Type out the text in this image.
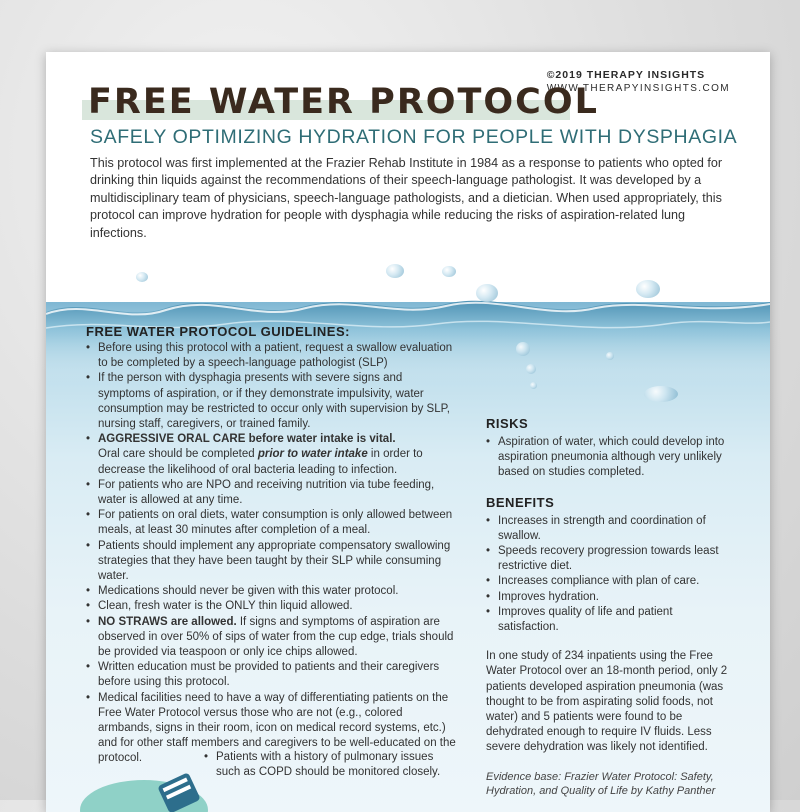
©2019 THERAPY INSIGHTS
WWW.THERAPYINSIGHTS.COM
FREE WATER PROTOCOL
SAFELY OPTIMIZING HYDRATION FOR PEOPLE WITH DYSPHAGIA

This protocol was first implemented at the Frazier Rehab Institute in 1984 as a response to patients who opted for drinking thin liquids against the recommendations of their speech-language pathologist. It was developed by a multidisciplinary team of physicians, speech-language pathologists, and a dietician. When used appropriately, this protocol can improve hydration for people with dysphagia while reducing the risks of aspiration-related lung infections.

FREE WATER PROTOCOL GUIDELINES:
• Before using this protocol with a patient, request a swallow evaluation to be completed by a speech-language pathologist (SLP)
• If the person with dysphagia presents with severe signs and symptoms of aspiration, or if they demonstrate impulsivity, water consumption may be restricted to occur only with supervision by SLP, nursing staff, caregivers, or trained family.
• AGGRESSIVE ORAL CARE before water intake is vital.
Oral care should be completed prior to water intake in order to decrease the likelihood of oral bacteria leading to infection.
• For patients who are NPO and receiving nutrition via tube feeding, water is allowed at any time.
• For patients on oral diets, water consumption is only allowed between meals, at least 30 minutes after completion of a meal.
• Patients should implement any appropriate compensatory swallowing strategies that they have been taught by their SLP while consuming water.
• Medications should never be given with this water protocol.
• Clean, fresh water is the ONLY thin liquid allowed.
• NO STRAWS are allowed. If signs and symptoms of aspiration are observed in over 50% of sips of water from the cup edge, trials should be provided via teaspoon or only ice chips allowed.
• Written education must be provided to patients and their caregivers before using this protocol.
• Medical facilities need to have a way of differentiating patients on the Free Water Protocol versus those who are not (e.g., colored armbands, signs in their room, icon on medical record systems, etc.) and for other staff members and caregivers to be well-educated on the protocol.
•	Patients with a history of pulmonary issues such as COPD should be monitored closely.
RISKS
• Aspiration of water, which could develop into aspiration pneumonia although very unlikely based on studies completed.
BENEFITS
• Increases in strength and coordination of swallow.
• Speeds recovery progression towards least restrictive diet.
• Increases compliance with plan of care.
• Improves hydration.
• Improves quality of life and patient satisfaction.

In one study of 234 inpatients using the Free Water Protocol over an 18-month period, only 2 patients developed aspiration pneumonia (was thought to be from aspirating solid foods, not water) and 5 patients were found to be dehydrated enough to require IV fluids. Less severe dehydration was likely not identified.

Evidence base: Frazier Water Protocol: Safety, Hydration, and Quality of Life by Kathy Panther
